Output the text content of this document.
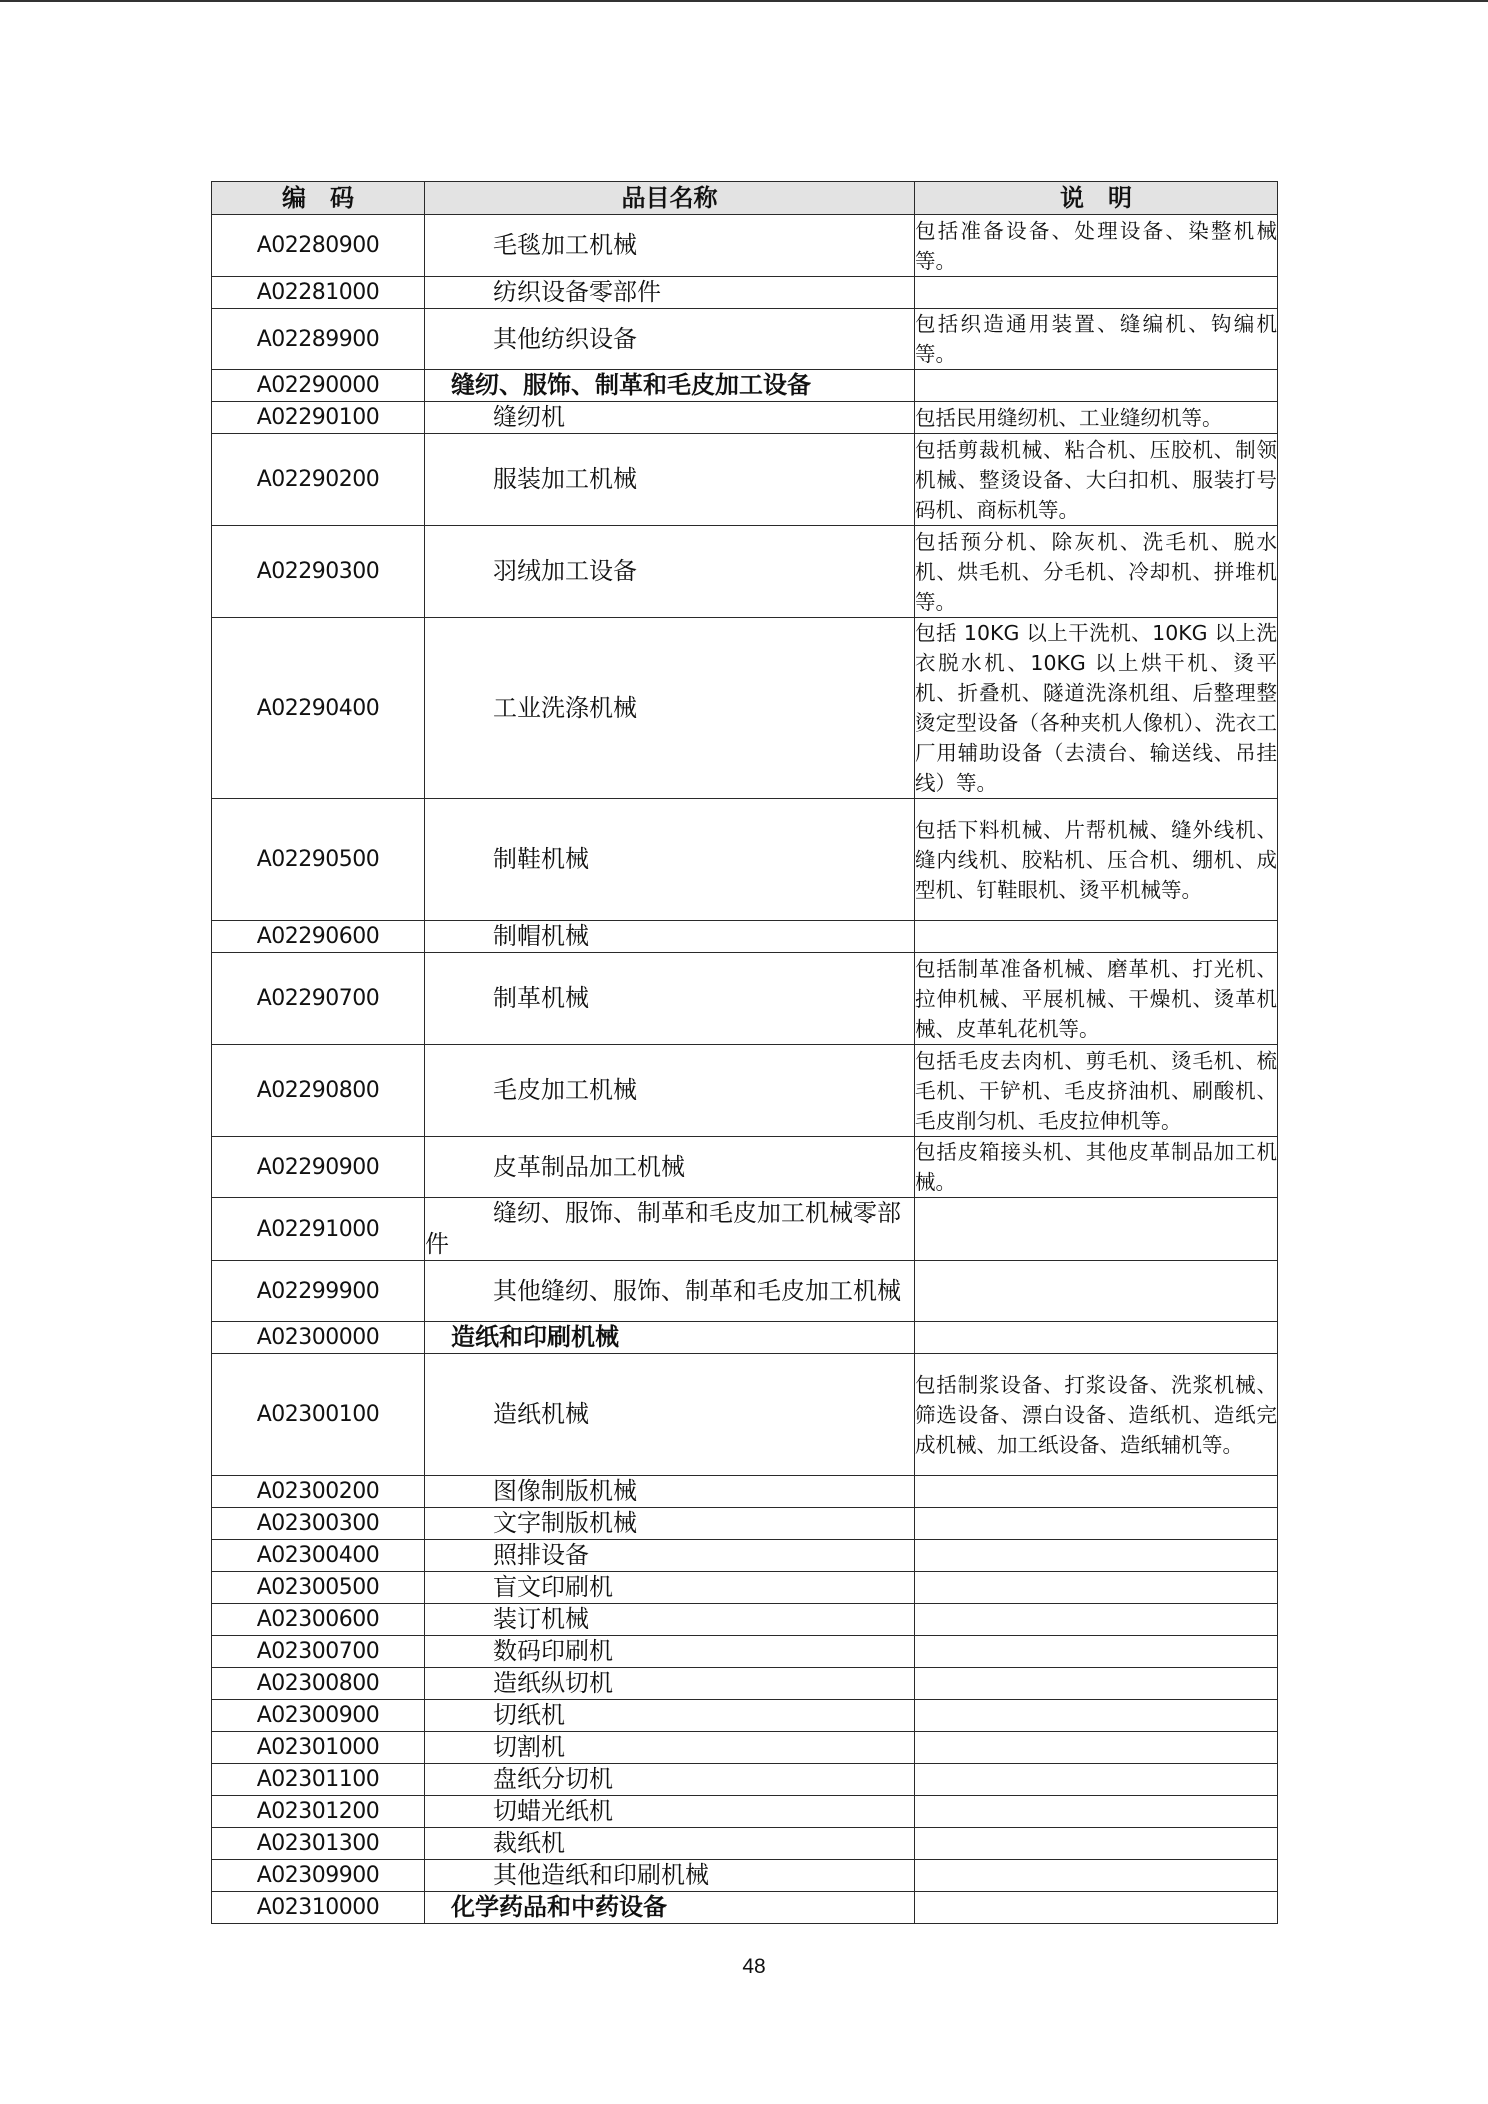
编　码	品目名称	说　明
A02280900	毛毯加工机械	包括准备设备、处理设备、染整机械等。
A02281000	纺织设备零部件	
A02289900	其他纺织设备	包括织造通用装置、缝编机、钩编机等。
A02290000	缝纫、服饰、制革和毛皮加工设备	
A02290100	缝纫机	包括民用缝纫机、工业缝纫机等。
A02290200	服装加工机械	包括剪裁机械、粘合机、压胶机、制领机械、整烫设备、大臼扣机、服装打号码机、商标机等。
A02290300	羽绒加工设备	包括预分机、除灰机、洗毛机、脱水机、烘毛机、分毛机、冷却机、拼堆机等。
A02290400	工业洗涤机械	包括 10KG 以上干洗机、10KG 以上洗衣脱水机、10KG 以上烘干机、烫平机、折叠机、隧道洗涤机组、后整理整烫定型设备（各种夹机人像机）、洗衣工厂用辅助设备（去渍台、输送线、吊挂线）等。
A02290500	制鞋机械	包括下料机械、片帮机械、缝外线机、缝内线机、胶粘机、压合机、绷机、成型机、钉鞋眼机、烫平机械等。
A02290600	制帽机械	
A02290700	制革机械	包括制革准备机械、磨革机、打光机、拉伸机械、平展机械、干燥机、烫革机械、皮革轧花机等。
A02290800	毛皮加工机械	包括毛皮去肉机、剪毛机、烫毛机、梳毛机、干铲机、毛皮挤油机、刷酸机、毛皮削匀机、毛皮拉伸机等。
A02290900	皮革制品加工机械	包括皮箱接头机、其他皮革制品加工机械。
A02291000	缝纫、服饰、制革和毛皮加工机械零部件	
A02299900	其他缝纫、服饰、制革和毛皮加工机械	
A02300000	造纸和印刷机械	
A02300100	造纸机械	包括制浆设备、打浆设备、洗浆机械、筛选设备、漂白设备、造纸机、造纸完成机械、加工纸设备、造纸辅机等。
A02300200	图像制版机械	
A02300300	文字制版机械	
A02300400	照排设备	
A02300500	盲文印刷机	
A02300600	装订机械	
A02300700	数码印刷机	
A02300800	造纸纵切机	
A02300900	切纸机	
A02301000	切割机	
A02301100	盘纸分切机	
A02301200	切蜡光纸机	
A02301300	裁纸机	
A02309900	其他造纸和印刷机械	
A02310000	化学药品和中药设备	
48
